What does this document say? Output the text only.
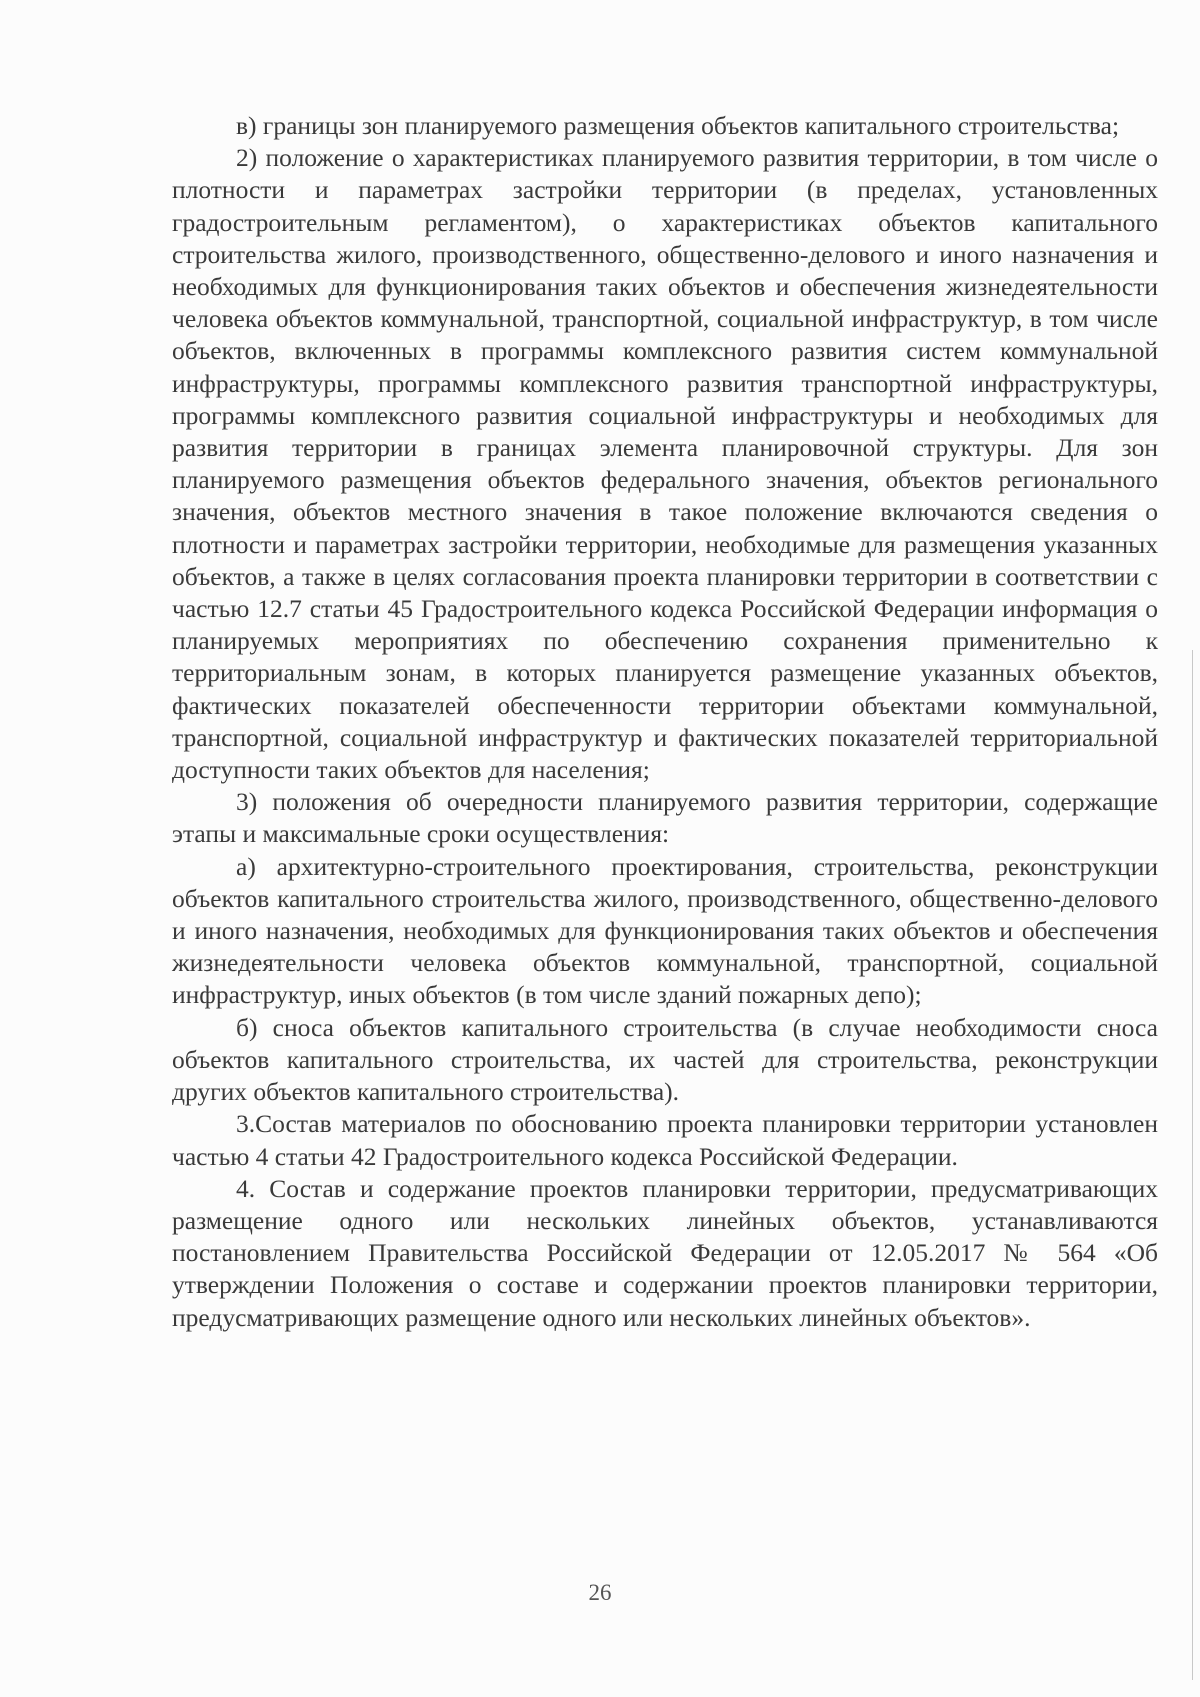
в) границы зон планируемого размещения объектов капитального строительства;

2) положение о характеристиках планируемого развития территории, в том числе о плотности и параметрах застройки территории (в пределах, установленных градостроительным регламентом), о характеристиках объектов капитального строительства жилого, производственного, общественно-делового и иного назначения и необходимых для функционирования таких объектов и обеспечения жизнедеятельности человека объектов коммунальной, транспортной, социальной инфраструктур, в том числе объектов, включенных в программы комплексного развития систем коммунальной инфраструктуры, программы комплексного развития транспортной инфраструктуры, программы комплексного развития социальной инфраструктуры и необходимых для развития территории в границах элемента планировочной структуры. Для зон планируемого размещения объектов федерального значения, объектов регионального значения, объектов местного значения в такое положение включаются сведения о плотности и параметрах застройки территории, необходимые для размещения указанных объектов, а также в целях согласования проекта планировки территории в соответствии с частью 12.7 статьи 45 Градостроительного кодекса Российской Федерации информация о планируемых мероприятиях по обеспечению сохранения применительно к территориальным зонам, в которых планируется размещение указанных объектов, фактических показателей обеспеченности территории объектами коммунальной, транспортной, социальной инфраструктур и фактических показателей территориальной доступности таких объектов для населения;

3) положения об очередности планируемого развития территории, содержащие этапы и максимальные сроки осуществления:

а) архитектурно-строительного проектирования, строительства, реконструкции объектов капитального строительства жилого, производственного, общественно-делового и иного назначения, необходимых для функционирования таких объектов и обеспечения жизнедеятельности человека объектов коммунальной, транспортной, социальной инфраструктур, иных объектов (в том числе зданий пожарных депо);

б) сноса объектов капитального строительства (в случае необходимости сноса объектов капитального строительства, их частей для строительства, реконструкции других объектов капитального строительства).

3.Состав материалов по обоснованию проекта планировки территории установлен частью 4 статьи 42 Градостроительного кодекса Российской Федерации.

4. Состав и содержание проектов планировки территории, предусматривающих размещение одного или нескольких линейных объектов, устанавливаются постановлением Правительства Российской Федерации от 12.05.2017 № 564 «Об утверждении Положения о составе и содержании проектов планировки территории, предусматривающих размещение одного или нескольких линейных объектов».

26
